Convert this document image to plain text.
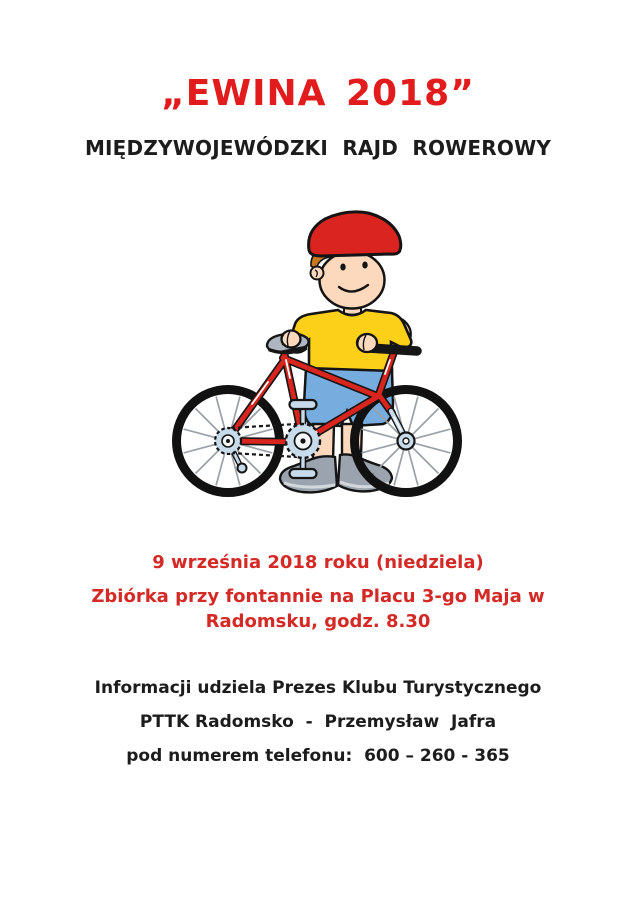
„EWINA 2018”
MIĘDZYWOJEWÓDZKI  RAJD  ROWEROWY
9 września 2018 roku (niedziela)
Zbiórka przy fontannie na Placu 3-go Maja w
Radomsku, godz. 8.30
Informacji udziela Prezes Klubu Turystycznego
PTTK Radomsko  -  Przemysław  Jafra
pod numerem telefonu:  600 – 260 - 365
